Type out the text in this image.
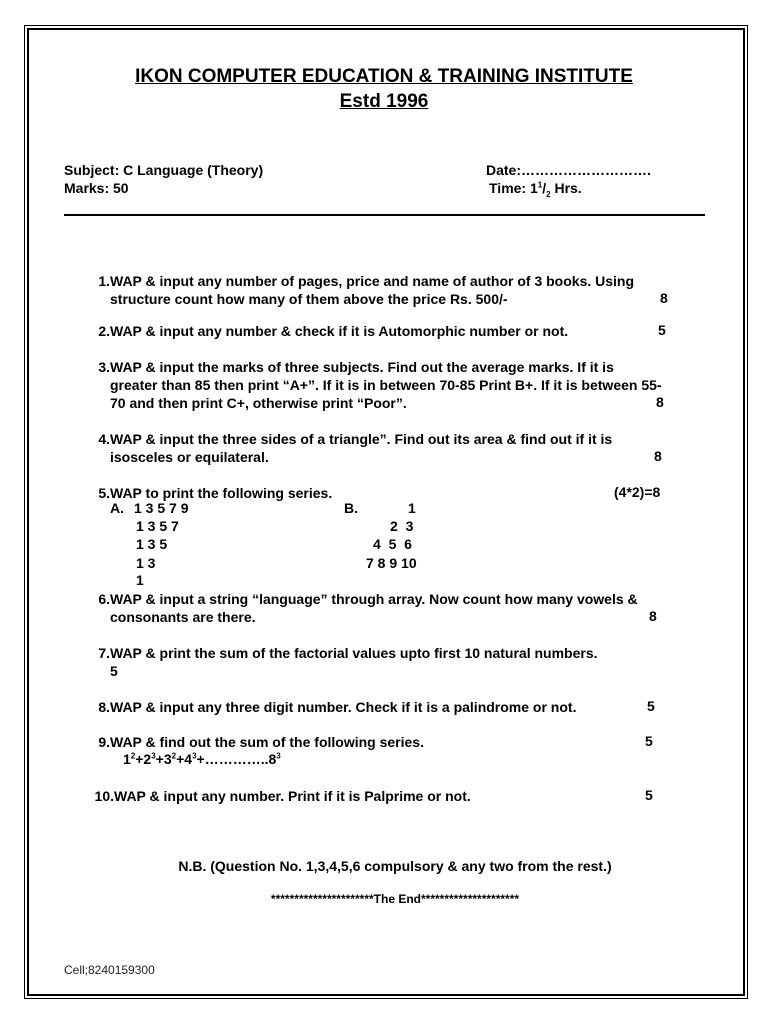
IKON COMPUTER EDUCATION & TRAINING INSTITUTE
Estd 1996
Subject: C Language (Theory)
Marks: 50
Date:……………………….
Time: $1^1/_2$ Hrs.
1. WAP & input any number of pages, price and name of author of 3 books. Using
structure count how many of them above the price Rs. 500/-	8
2. WAP & input any number & check if it is Automorphic number or not.	5
3. WAP & input the marks of three subjects. Find out the average marks. If it is
greater than 85 then print “A+”. If it is in between 70-85 Print B+. If it is between 55-
70 and then print C+, otherwise print “Poor”.	8
4. WAP & input the three sides of a triangle”. Find out its area & find out if it is
isosceles or equilateral.	8
5. WAP to print the following series.	(4*2)=8
A. 1 3 5 7 9
1 3 5 7
1 3 5
1 3
1
B.	1
2  3
4  5  6
7 8 9 10
6. WAP & input a string “language” through array. Now count how many vowels &
consonants are there.	8
7. WAP & print the sum of the factorial values upto first 10 natural numbers.
5
8. WAP & input any three digit number. Check if it is a palindrome or not.	5
9. WAP & find out the sum of the following series.	5
$1^2+2^3+3^2+4^3+\dots\dots\dots\dots..8^3$
10. WAP & input any number. Print if it is Palprime or not.	5
N.B. (Question No. 1,3,4,5,6 compulsory & any two from the rest.)
**********************The End*********************
Cell;8240159300
